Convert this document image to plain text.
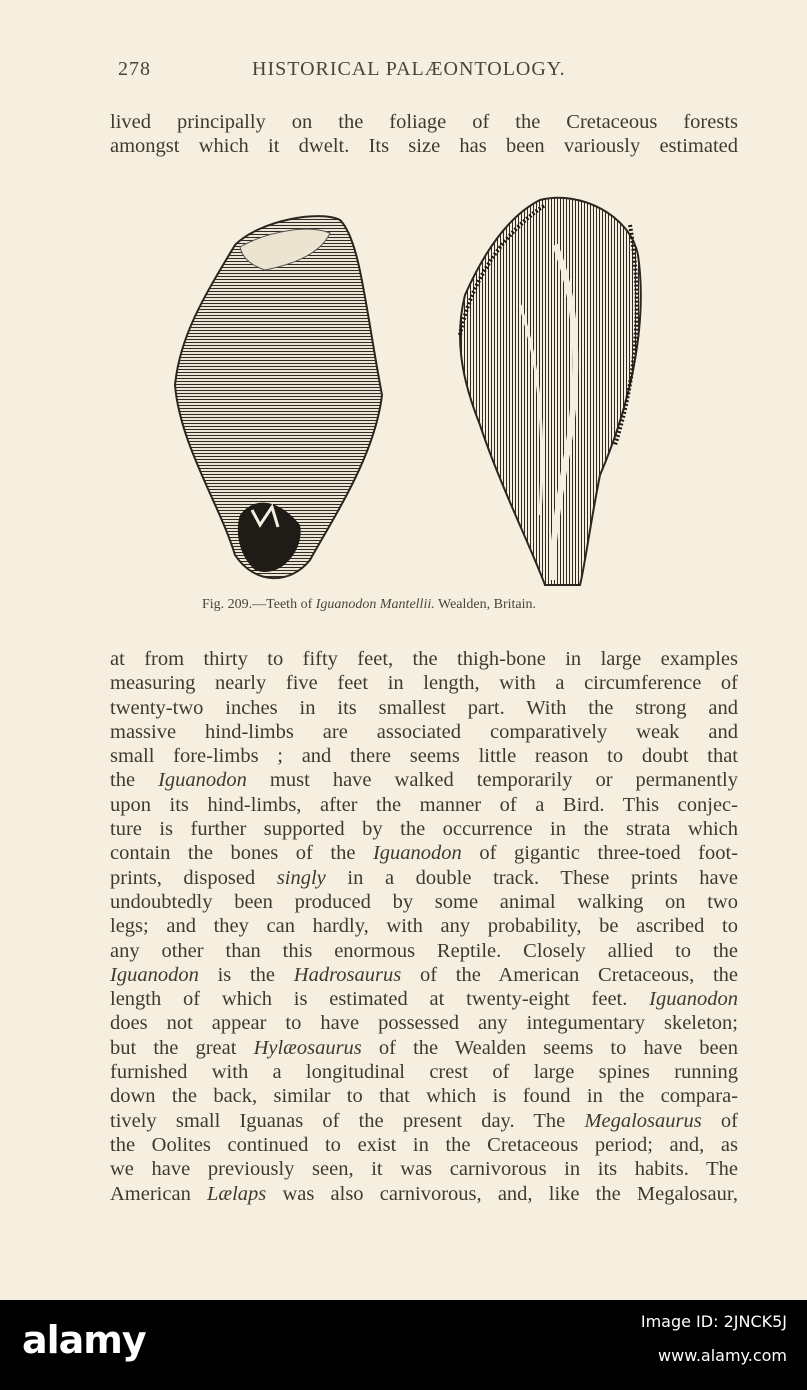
278	HISTORICAL PALÆONTOLOGY.
lived principally on the foliage of the Cretaceous forests
amongst which it dwelt. Its size has been variously estimated
Fig. 209.—Teeth of Iguanodon Mantellii. Wealden, Britain.
at from thirty to fifty feet, the thigh-bone in large examples
measuring nearly five feet in length, with a circumference of
twenty-two inches in its smallest part. With the strong and
massive hind-limbs are associated comparatively weak and
small fore-limbs ; and there seems little reason to doubt that
the Iguanodon must have walked temporarily or permanently
upon its hind-limbs, after the manner of a Bird. This conjec-
ture is further supported by the occurrence in the strata which
contain the bones of the Iguanodon of gigantic three-toed foot-
prints, disposed singly in a double track. These prints have
undoubtedly been produced by some animal walking on two
legs; and they can hardly, with any probability, be ascribed to
any other than this enormous Reptile. Closely allied to the
Iguanodon is the Hadrosaurus of the American Cretaceous, the
length of which is estimated at twenty-eight feet. Iguanodon
does not appear to have possessed any integumentary skeleton;
but the great Hylæosaurus of the Wealden seems to have been
furnished with a longitudinal crest of large spines running
down the back, similar to that which is found in the compara-
tively small Iguanas of the present day. The Megalosaurus of
the Oolites continued to exist in the Cretaceous period; and, as
we have previously seen, it was carnivorous in its habits. The
American Lælaps was also carnivorous, and, like the Megalosaur,
alamy	Image ID: 2JNCK5J
www.alamy.com
